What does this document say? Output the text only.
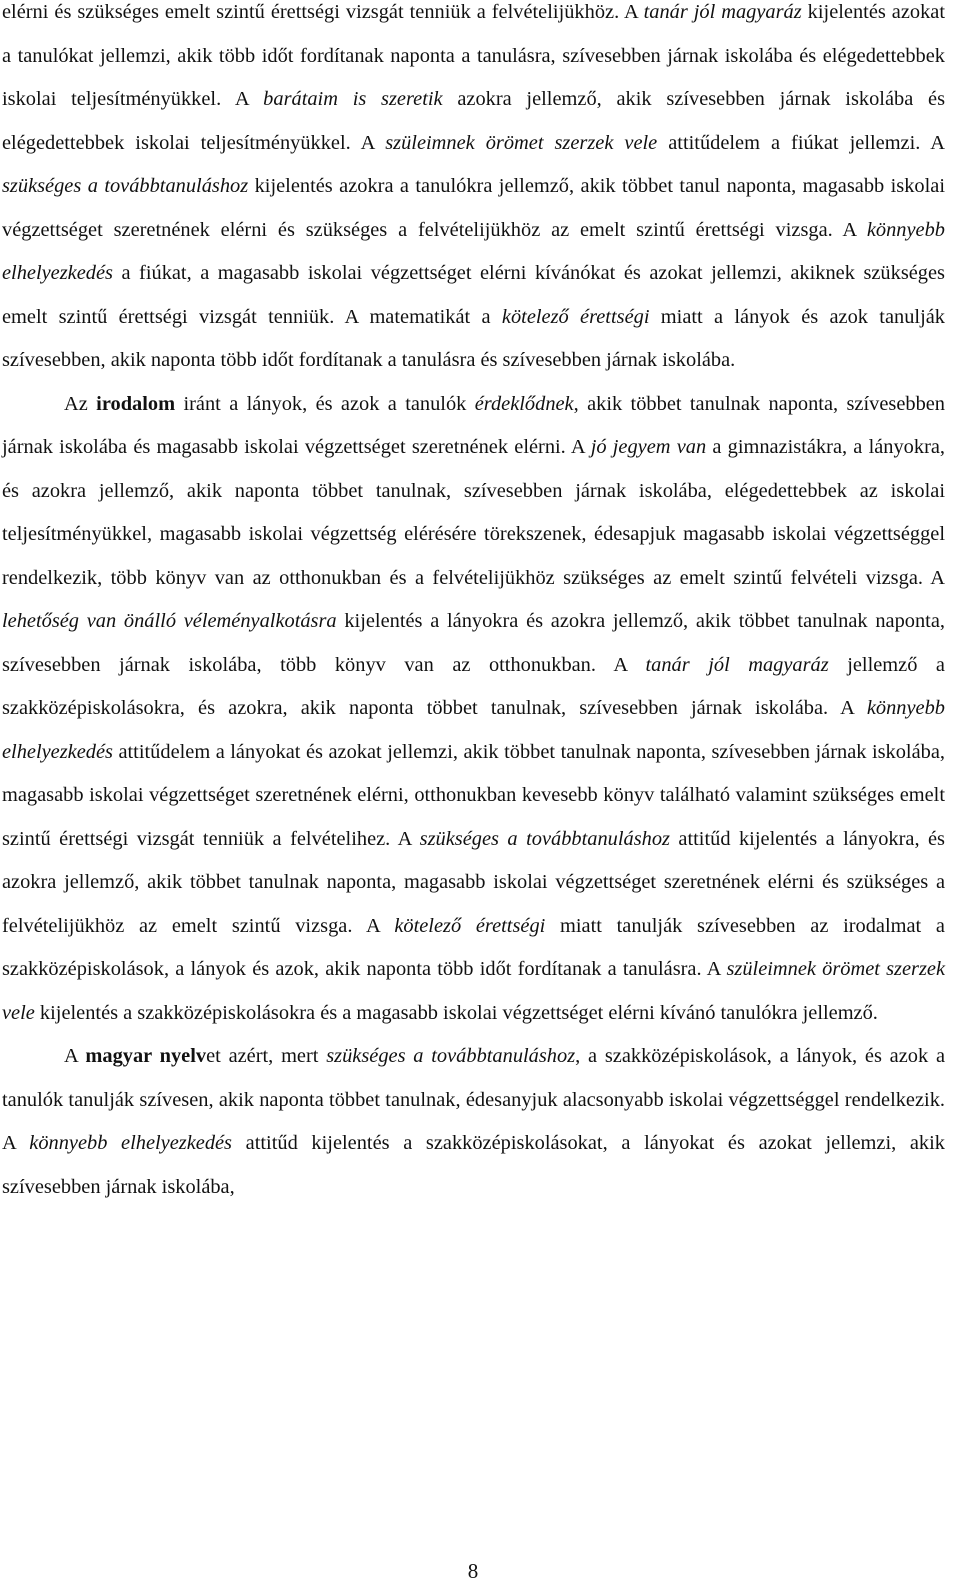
elérni és szükséges emelt szintű érettségi vizsgát tenniük a felvételijükhöz. A tanár jól magyaráz kijelentés azokat a tanulókat jellemzi, akik több időt fordítanak naponta a tanulásra, szívesebben járnak iskolába és elégedettebbek iskolai teljesítményükkel. A barátaim is szeretik azokra jellemző, akik szívesebben járnak iskolába és elégedettebbek iskolai teljesítményükkel. A szüleimnek örömet szerzek vele attitűdelem a fiúkat jellemzi. A szükséges a továbbtanuláshoz kijelentés azokra a tanulókra jellemző, akik többet tanul naponta, magasabb iskolai végzettséget szeretnének elérni és szükséges a felvételijükhöz az emelt szintű érettségi vizsga. A könnyebb elhelyezkedés a fiúkat, a magasabb iskolai végzettséget elérni kívánókat és azokat jellemzi, akiknek szükséges emelt szintű érettségi vizsgát tenniük. A matematikát a kötelező érettségi miatt a lányok és azok tanulják szívesebben, akik naponta több időt fordítanak a tanulásra és szívesebben járnak iskolába.

Az irodalom iránt a lányok, és azok a tanulók érdeklődnek, akik többet tanulnak naponta, szívesebben járnak iskolába és magasabb iskolai végzettséget szeretnének elérni. A jó jegyem van a gimnazistákra, a lányokra, és azokra jellemző, akik naponta többet tanulnak, szívesebben járnak iskolába, elégedettebbek az iskolai teljesítményükkel, magasabb iskolai végzettség elérésére törekszenek, édesapjuk magasabb iskolai végzettséggel rendelkezik, több könyv van az otthonukban és a felvételijükhöz szükséges az emelt szintű felvételi vizsga. A lehetőség van önálló véleményalkotásra kijelentés a lányokra és azokra jellemző, akik többet tanulnak naponta, szívesebben járnak iskolába, több könyv van az otthonukban. A tanár jól magyaráz jellemző a szakközépiskolásokra, és azokra, akik naponta többet tanulnak, szívesebben járnak iskolába. A könnyebb elhelyezkedés attitűdelem a lányokat és azokat jellemzi, akik többet tanulnak naponta, szívesebben járnak iskolába, magasabb iskolai végzettséget szeretnének elérni, otthonukban kevesebb könyv található valamint szükséges emelt szintű érettségi vizsgát tenniük a felvételihez. A szükséges a továbbtanuláshoz attitűd kijelentés a lányokra, és azokra jellemző, akik többet tanulnak naponta, magasabb iskolai végzettséget szeretnének elérni és szükséges a felvételijükhöz az emelt szintű vizsga. A kötelező érettségi miatt tanulják szívesebben az irodalmat a szakközépiskolások, a lányok és azok, akik naponta több időt fordítanak a tanulásra. A szüleimnek örömet szerzek vele kijelentés a szakközépiskolásokra és a magasabb iskolai végzettséget elérni kívánó tanulókra jellemző.

A magyar nyelvet azért, mert szükséges a továbbtanuláshoz, a szakközépiskolások, a lányok, és azok a tanulók tanulják szívesen, akik naponta többet tanulnak, édesanyjuk alacsonyabb iskolai végzettséggel rendelkezik. A könnyebb elhelyezkedés attitűd kijelentés a szakközépiskolásokat, a lányokat és azokat jellemzi, akik szívesebben járnak iskolába,

8
